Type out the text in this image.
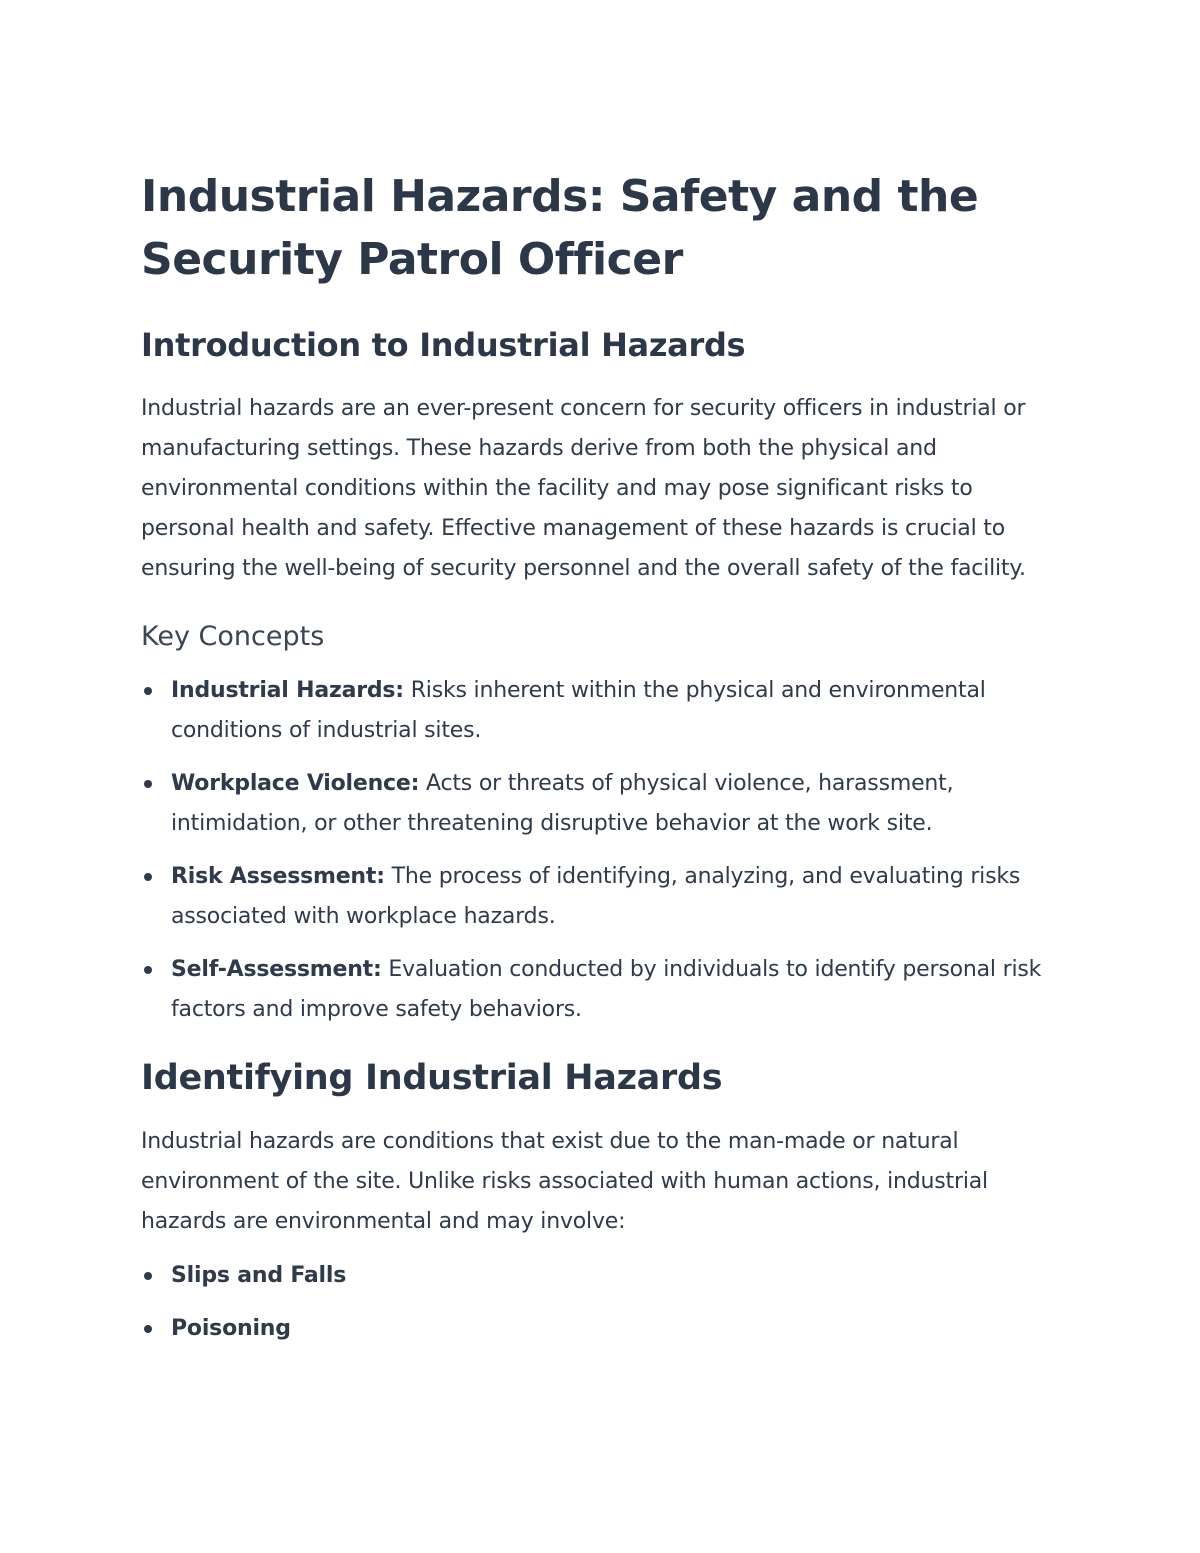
Industrial Hazards: Safety and the Security Patrol Officer
Introduction to Industrial Hazards

Industrial hazards are an ever-present concern for security officers in industrial or manufacturing settings. These hazards derive from both the physical and environmental conditions within the facility and may pose significant risks to personal health and safety. Effective management of these hazards is crucial to ensuring the well-being of security personnel and the overall safety of the facility.

Key Concepts
Industrial Hazards: Risks inherent within the physical and environmental conditions of industrial sites.
Workplace Violence: Acts or threats of physical violence, harassment, intimidation, or other threatening disruptive behavior at the work site.
Risk Assessment: The process of identifying, analyzing, and evaluating risks associated with workplace hazards.
Self-Assessment: Evaluation conducted by individuals to identify personal risk factors and improve safety behaviors.
Identifying Industrial Hazards

Industrial hazards are conditions that exist due to the man-made or natural environment of the site. Unlike risks associated with human actions, industrial hazards are environmental and may involve:

Slips and Falls
Poisoning
